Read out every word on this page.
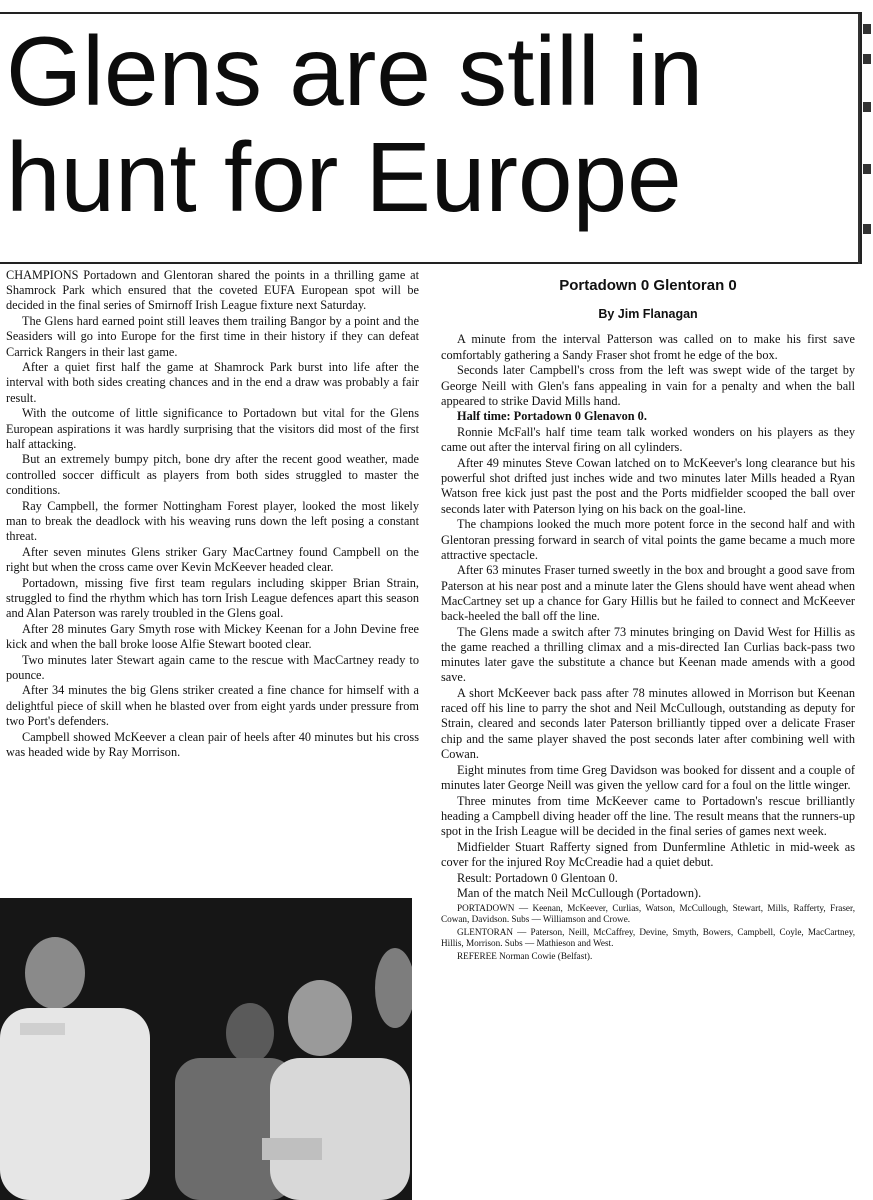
Glens are still in
hunt for Europe

CHAMPIONS Portadown and Glentoran shared the points in a thrilling game at Shamrock Park which ensured that the coveted EUFA European spot will be decided in the final series of Smirnoff Irish League fixture next Saturday.

The Glens hard earned point still leaves them trailing Bangor by a point and the Seasiders will go into Europe for the first time in their history if they can defeat Carrick Rangers in their last game.

After a quiet first half the game at Shamrock Park burst into life after the interval with both sides creating chances and in the end a draw was probably a fair result.

With the outcome of little significance to Portadown but vital for the Glens European aspirations it was hardly surprising that the visitors did most of the first half attacking.

But an extremely bumpy pitch, bone dry after the recent good weather, made controlled soccer difficult as players from both sides struggled to master the conditions.

Ray Campbell, the former Nottingham Forest player, looked the most likely man to break the deadlock with his weaving runs down the left posing a constant threat.

After seven minutes Glens striker Gary MacCartney found Campbell on the right but when the cross came over Kevin McKeever headed clear.

Portadown, missing five first team regulars including skipper Brian Strain, struggled to find the rhythm which has torn Irish League defences apart this season and Alan Paterson was rarely troubled in the Glens goal.

After 28 minutes Gary Smyth rose with Mickey Keenan for a John Devine free kick and when the ball broke loose Alfie Stewart booted clear.

Two minutes later Stewart again came to the rescue with MacCartney ready to pounce.

After 34 minutes the big Glens striker created a fine chance for himself with a delightful piece of skill when he blasted over from eight yards under pressure from two Port's defenders.

Campbell showed McKeever a clean pair of heels after 40 minutes but his cross was headed wide by Ray Morrison.

Portadown 0 Glentoran 0
By Jim Flanagan

A minute from the interval Patterson was called on to make his first save comfortably gathering a Sandy Fraser shot fromt he edge of the box.

Seconds later Campbell's cross from the left was swept wide of the target by George Neill with Glen's fans appealing in vain for a penalty and when the ball appeared to strike David Mills hand.

Half time: Portadown 0 Glenavon 0.

Ronnie McFall's half time team talk worked wonders on his players as they came out after the interval firing on all cylinders.

After 49 minutes Steve Cowan latched on to McKeever's long clearance but his powerful shot drifted just inches wide and two minutes later Mills headed a Ryan Watson free kick just past the post and the Ports midfielder scooped the ball over seconds later with Paterson lying on his back on the goal-line.

The champions looked the much more potent force in the second half and with Glentoran pressing forward in search of vital points the game became a much more attractive spectacle.

After 63 minutes Fraser turned sweetly in the box and brought a good save from Paterson at his near post and a minute later the Glens should have went ahead when MacCartney set up a chance for Gary Hillis but he failed to connect and McKeever back-heeled the ball off the line.

The Glens made a switch after 73 minutes bringing on David West for Hillis as the game reached a thrilling climax and a mis-directed Ian Curlias back-pass two minutes later gave the substitute a chance but Keenan made amends with a good save.

A short McKeever back pass after 78 minutes allowed in Morrison but Keenan raced off his line to parry the shot and Neil McCullough, outstanding as deputy for Strain, cleared and seconds later Paterson brilliantly tipped over a delicate Fraser chip and the same player shaved the post seconds later after combining well with Cowan.

Eight minutes from time Greg Davidson was booked for dissent and a couple of minutes later George Neill was given the yellow card for a foul on the little winger.

Three minutes from time McKeever came to Portadown's rescue brilliantly heading a Campbell diving header off the line. The result means that the runners-up spot in the Irish League will be decided in the final series of games next week.

Midfielder Stuart Rafferty signed from Dunfermline Athletic in mid-week as cover for the injured Roy McCreadie had a quiet debut.

Result: Portadown 0 Glentoan 0.

Man of the match Neil McCullough (Portadown).

PORTADOWN — Keenan, McKeever, Curlias, Watson, McCullough, Stewart, Mills, Rafferty, Fraser, Cowan, Davidson. Subs — Williamson and Crowe.

GLENTORAN — Paterson, Neill, McCaffrey, Devine, Smyth, Bowers, Campbell, Coyle, MacCartney, Hillis, Morrison. Subs — Mathieson and West.

REFEREE Norman Cowie (Belfast).
